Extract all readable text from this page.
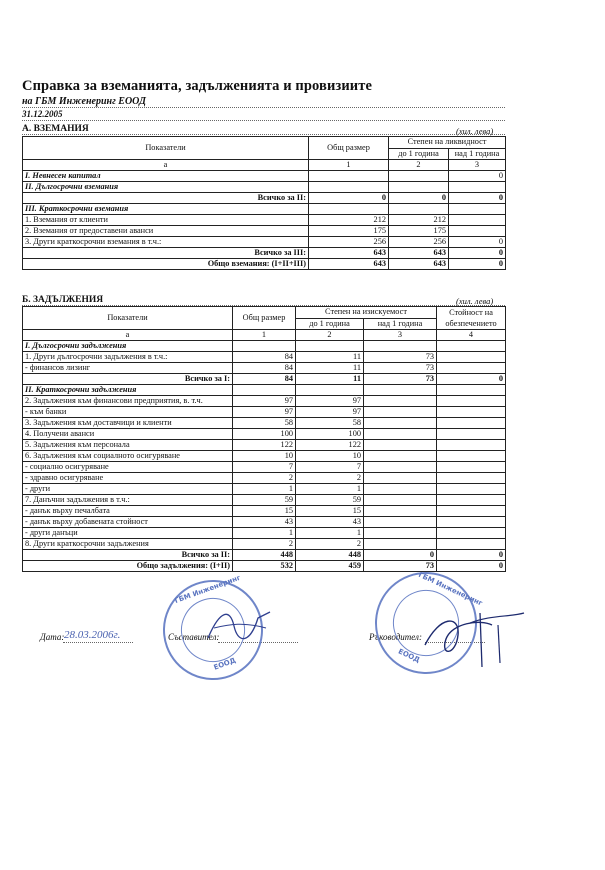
Справка за вземанията, задълженията и провизиите
на ГБМ Инженеринг ЕООД
31.12.2005
А. ВЗЕМАНИЯ	(хил. лева)
Показатели	Общ размер	Степен на ликвидност	
		до 1 година	над 1 година
а	1	2	3
I. Невнесен капитал			0
II. Дългосрочни вземания			
Всичко за II:	0	0	0
III. Краткосрочни вземания			
1. Вземания от клиенти	212	212	
2. Вземания от предоставени аванси	175	175	
3. Други краткосрочни вземания в т.ч.:	256	256	0
Всичко за III:	643	643	0
Общо вземания: (I+II+III)	643	643	0
Б. ЗАДЪЛЖЕНИЯ	(хил. лева)
Показатели	Общ размер	Степен на изискуемост		Стойност на
		до 1 година	над 1 година	обезпечението
а	1	2	3	4
I. Дългосрочни задължения				
1. Други дългосрочни задължения в т.ч.:	84	11	73	
- финансов лизинг	84	11	73	
Всичко за I:	84	11	73	0
II. Краткосрочни задължения				
2. Задължения към финансови предприятия, в. т.ч.	97	97		
- към банки	97	97		
3. Задължения към доставчици и клиенти	58	58		
4. Получени аванси	100	100		
5. Задължения към персонала	122	122		
6. Задължения към социалното осигуряване	10	10		
- социално осигуряване	7	7		
- здравно осигуряване	2	2		
- други	1	1		
7. Данъчни задължения в т.ч.:	59	59		
- данък върху печалбата	15	15		
- данък върху добавената стойност	43	43		
- други данъци	1	1		
8. Други краткосрочни задължения	2	2		
Всичко за II:	448	448	0	0
Общо задължения: (I+II)	532	459	73	0
Дата: 28.03.2006г.	Съставител:	Ръководител:
ГБМ Инженеринг
ЕООД
ГБМ Инженеринг
ЕООД
